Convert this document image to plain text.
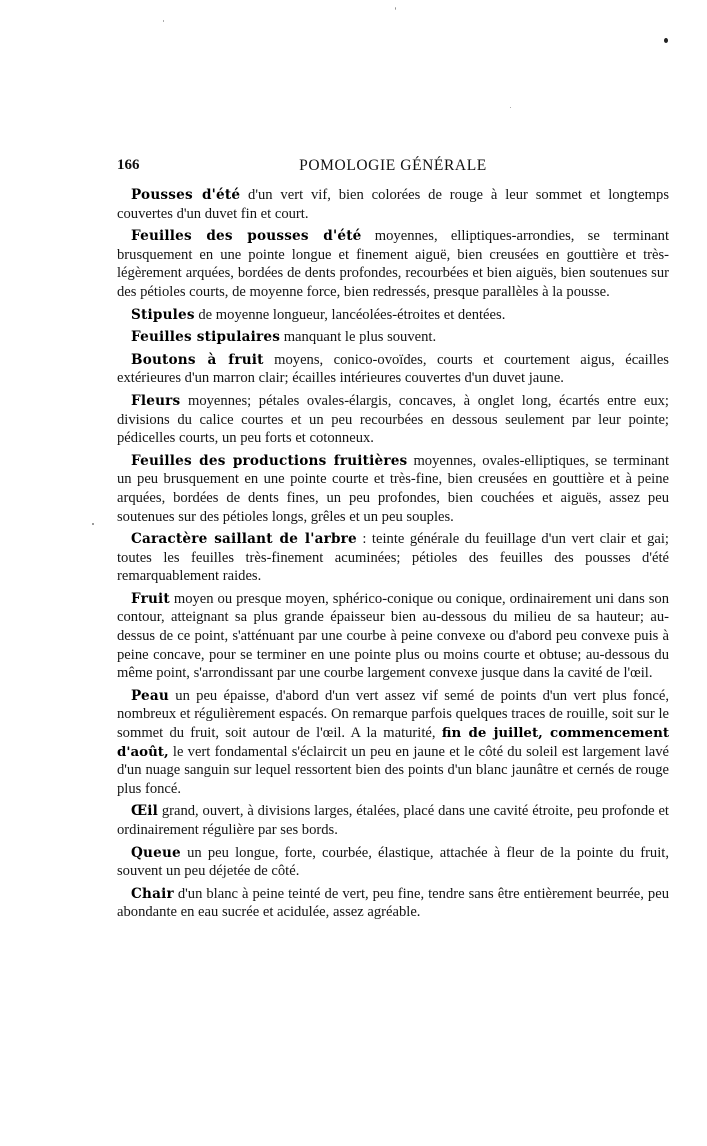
166	POMOLOGIE GÉNÉRALE

Pousses d'été d'un vert vif, bien colorées de rouge à leur sommet et longtemps couvertes d'un duvet fin et court.

Feuilles des pousses d'été moyennes, elliptiques-arrondies, se terminant brusquement en une pointe longue et finement aiguë, bien creusées en gouttière et très-légèrement arquées, bordées de dents profondes, recourbées et bien aiguës, bien soutenues sur des pétioles courts, de moyenne force, bien redressés, presque parallèles à la pousse.

Stipules de moyenne longueur, lancéolées-étroites et dentées.

Feuilles stipulaires manquant le plus souvent.

Boutons à fruit moyens, conico-ovoïdes, courts et courtement aigus, écailles extérieures d'un marron clair; écailles intérieures couvertes d'un duvet jaune.

Fleurs moyennes; pétales ovales-élargis, concaves, à onglet long, écartés entre eux; divisions du calice courtes et un peu recourbées en dessous seulement par leur pointe; pédicelles courts, un peu forts et cotonneux.

Feuilles des productions fruitières moyennes, ovales-elliptiques, se terminant un peu brusquement en une pointe courte et très-fine, bien creusées en gouttière et à peine arquées, bordées de dents fines, un peu profondes, bien couchées et aiguës, assez peu soutenues sur des pétioles longs, grêles et un peu souples.

Caractère saillant de l'arbre : teinte générale du feuillage d'un vert clair et gai; toutes les feuilles très-finement acuminées; pétioles des feuilles des pousses d'été remarquablement raides.

Fruit moyen ou presque moyen, sphérico-conique ou conique, ordinairement uni dans son contour, atteignant sa plus grande épaisseur bien au-dessous du milieu de sa hauteur; au-dessus de ce point, s'atténuant par une courbe à peine convexe ou d'abord peu convexe puis à peine concave, pour se terminer en une pointe plus ou moins courte et obtuse; au-dessous du même point, s'arrondissant par une courbe largement convexe jusque dans la cavité de l'œil.

Peau un peu épaisse, d'abord d'un vert assez vif semé de points d'un vert plus foncé, nombreux et régulièrement espacés. On remarque parfois quelques traces de rouille, soit sur le sommet du fruit, soit autour de l'œil. A la maturité, fin de juillet, commencement d'août, le vert fondamental s'éclaircit un peu en jaune et le côté du soleil est largement lavé d'un nuage sanguin sur lequel ressortent bien des points d'un blanc jaunâtre et cernés de rouge plus foncé.

Œil grand, ouvert, à divisions larges, étalées, placé dans une cavité étroite, peu profonde et ordinairement régulière par ses bords.

Queue un peu longue, forte, courbée, élastique, attachée à fleur de la pointe du fruit, souvent un peu déjetée de côté.

Chair d'un blanc à peine teinté de vert, peu fine, tendre sans être entièrement beurrée, peu abondante en eau sucrée et acidulée, assez agréable.
